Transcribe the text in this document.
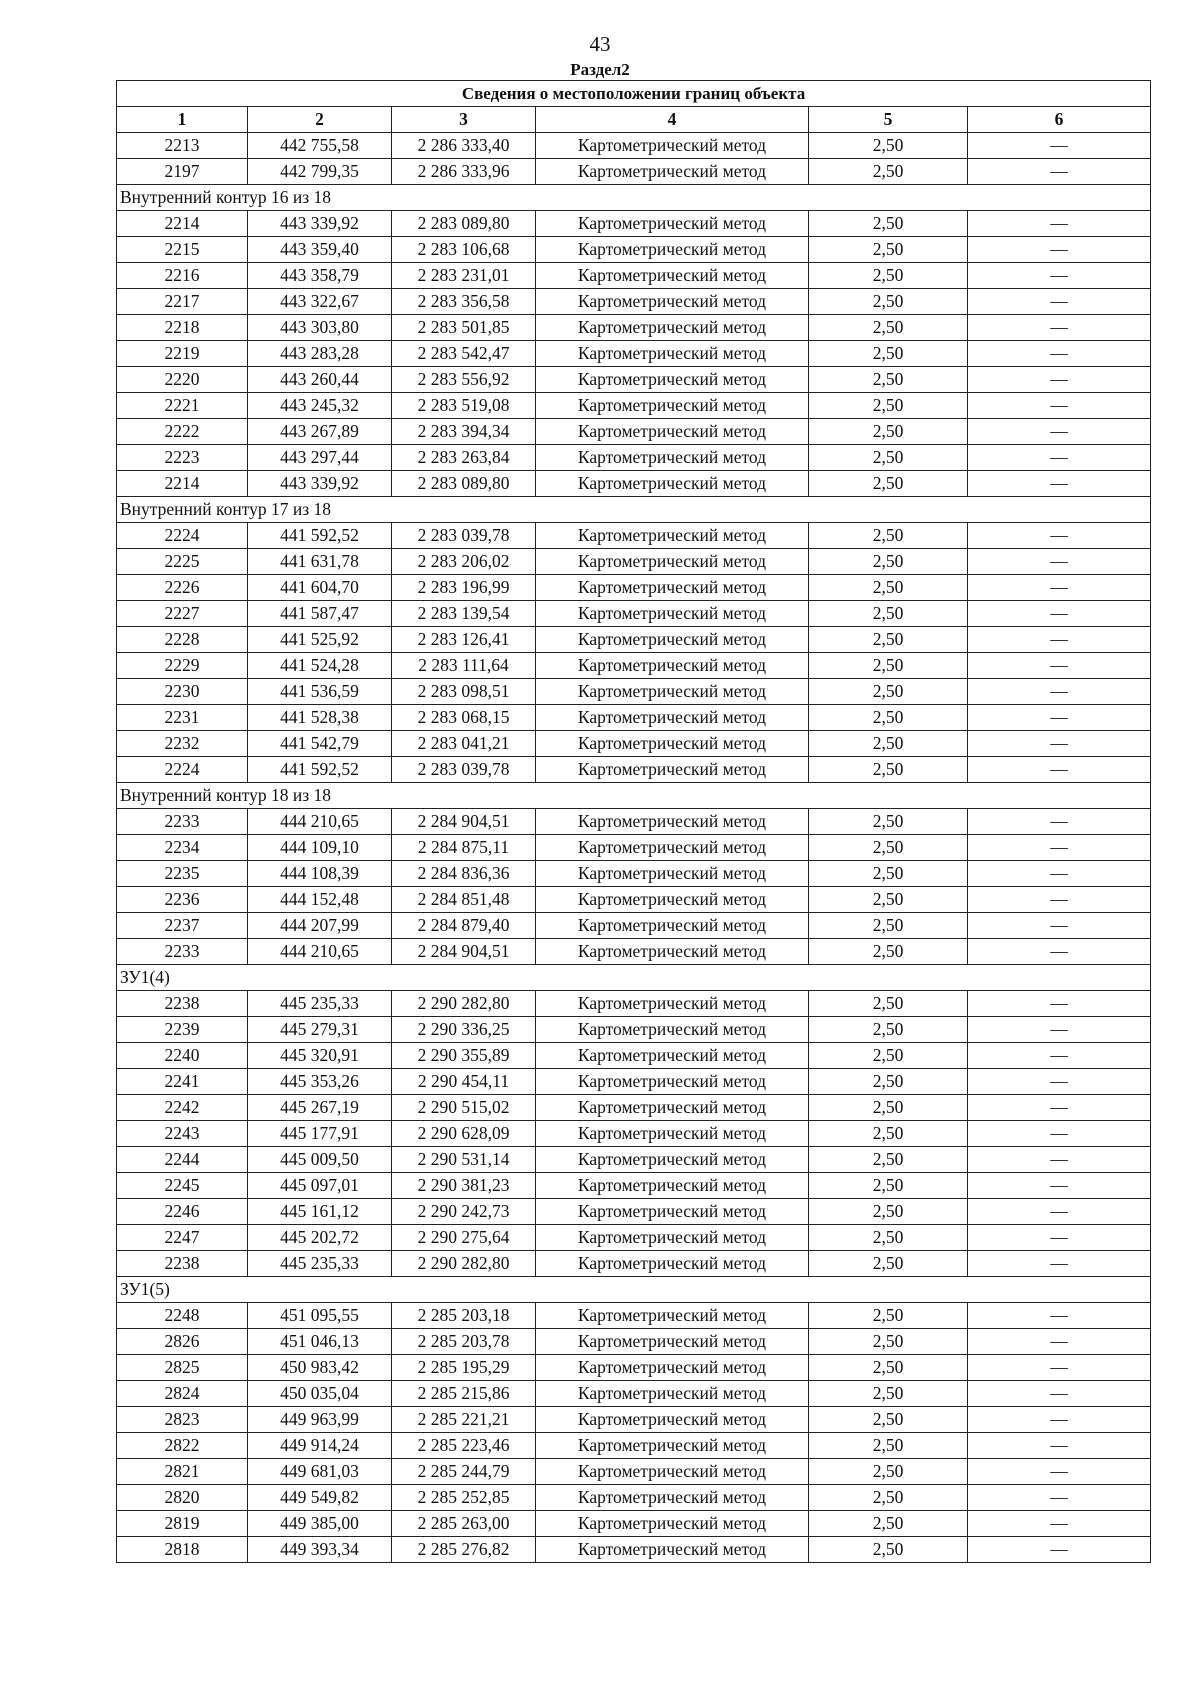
43
Раздел2
Сведения о местоположении границ объекта					
1	2	3	4	5	6
2213	442 755,58	2 286 333,40	Картометрический метод	2,50	—
2197	442 799,35	2 286 333,96	Картометрический метод	2,50	—
Внутренний контур 16 из 18					
2214	443 339,92	2 283 089,80	Картометрический метод	2,50	—
2215	443 359,40	2 283 106,68	Картометрический метод	2,50	—
2216	443 358,79	2 283 231,01	Картометрический метод	2,50	—
2217	443 322,67	2 283 356,58	Картометрический метод	2,50	—
2218	443 303,80	2 283 501,85	Картометрический метод	2,50	—
2219	443 283,28	2 283 542,47	Картометрический метод	2,50	—
2220	443 260,44	2 283 556,92	Картометрический метод	2,50	—
2221	443 245,32	2 283 519,08	Картометрический метод	2,50	—
2222	443 267,89	2 283 394,34	Картометрический метод	2,50	—
2223	443 297,44	2 283 263,84	Картометрический метод	2,50	—
2214	443 339,92	2 283 089,80	Картометрический метод	2,50	—
Внутренний контур 17 из 18					
2224	441 592,52	2 283 039,78	Картометрический метод	2,50	—
2225	441 631,78	2 283 206,02	Картометрический метод	2,50	—
2226	441 604,70	2 283 196,99	Картометрический метод	2,50	—
2227	441 587,47	2 283 139,54	Картометрический метод	2,50	—
2228	441 525,92	2 283 126,41	Картометрический метод	2,50	—
2229	441 524,28	2 283 111,64	Картометрический метод	2,50	—
2230	441 536,59	2 283 098,51	Картометрический метод	2,50	—
2231	441 528,38	2 283 068,15	Картометрический метод	2,50	—
2232	441 542,79	2 283 041,21	Картометрический метод	2,50	—
2224	441 592,52	2 283 039,78	Картометрический метод	2,50	—
Внутренний контур 18 из 18					
2233	444 210,65	2 284 904,51	Картометрический метод	2,50	—
2234	444 109,10	2 284 875,11	Картометрический метод	2,50	—
2235	444 108,39	2 284 836,36	Картометрический метод	2,50	—
2236	444 152,48	2 284 851,48	Картометрический метод	2,50	—
2237	444 207,99	2 284 879,40	Картометрический метод	2,50	—
2233	444 210,65	2 284 904,51	Картометрический метод	2,50	—
ЗУ1(4)					
2238	445 235,33	2 290 282,80	Картометрический метод	2,50	—
2239	445 279,31	2 290 336,25	Картометрический метод	2,50	—
2240	445 320,91	2 290 355,89	Картометрический метод	2,50	—
2241	445 353,26	2 290 454,11	Картометрический метод	2,50	—
2242	445 267,19	2 290 515,02	Картометрический метод	2,50	—
2243	445 177,91	2 290 628,09	Картометрический метод	2,50	—
2244	445 009,50	2 290 531,14	Картометрический метод	2,50	—
2245	445 097,01	2 290 381,23	Картометрический метод	2,50	—
2246	445 161,12	2 290 242,73	Картометрический метод	2,50	—
2247	445 202,72	2 290 275,64	Картометрический метод	2,50	—
2238	445 235,33	2 290 282,80	Картометрический метод	2,50	—
ЗУ1(5)					
2248	451 095,55	2 285 203,18	Картометрический метод	2,50	—
2826	451 046,13	2 285 203,78	Картометрический метод	2,50	—
2825	450 983,42	2 285 195,29	Картометрический метод	2,50	—
2824	450 035,04	2 285 215,86	Картометрический метод	2,50	—
2823	449 963,99	2 285 221,21	Картометрический метод	2,50	—
2822	449 914,24	2 285 223,46	Картометрический метод	2,50	—
2821	449 681,03	2 285 244,79	Картометрический метод	2,50	—
2820	449 549,82	2 285 252,85	Картометрический метод	2,50	—
2819	449 385,00	2 285 263,00	Картометрический метод	2,50	—
2818	449 393,34	2 285 276,82	Картометрический метод	2,50	—
